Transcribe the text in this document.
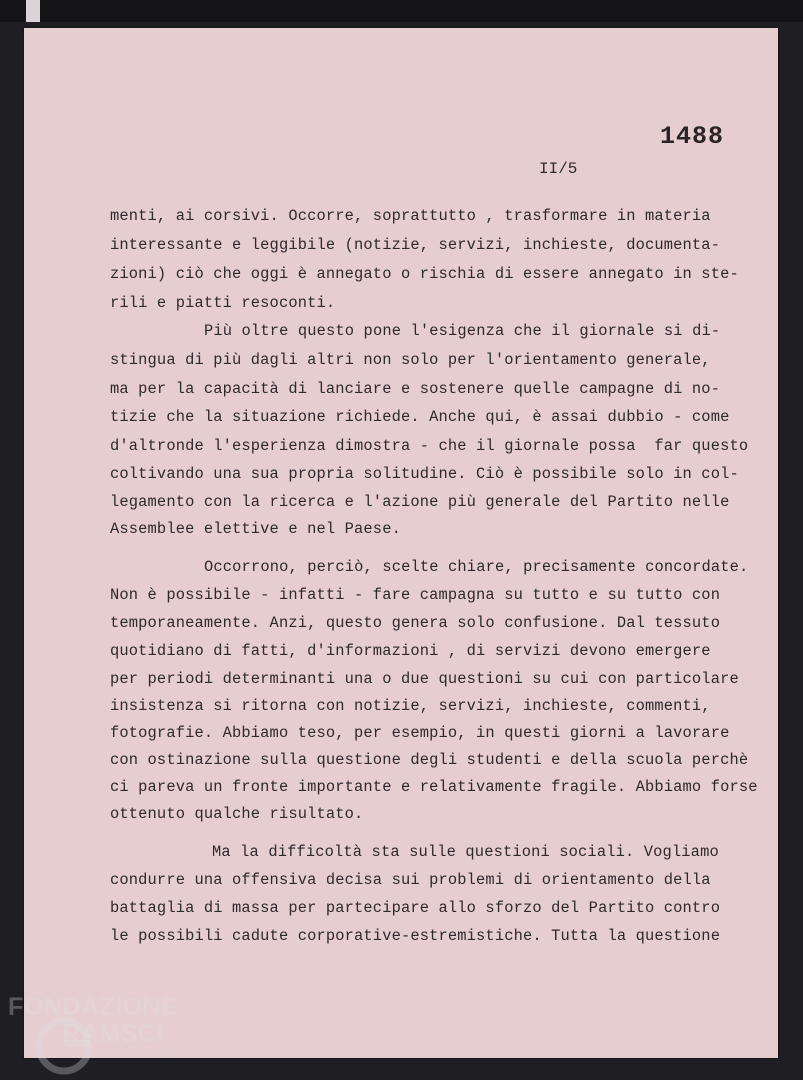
1488
II/5
menti, ai corsivi. Occorre, soprattutto , trasformare in materia
interessante e leggibile (notizie, servizi, inchieste, documenta-
zioni) ciò che oggi è annegato o rischia di essere annegato in ste-
rili e piatti resoconti.
Più oltre questo pone l'esigenza che il giornale si di-
stingua di più dagli altri non solo per l'orientamento generale,
ma per la capacità di lanciare e sostenere quelle campagne di no-
tizie che la situazione richiede. Anche qui, è assai dubbio - come
d'altronde l'esperienza dimostra - che il giornale possa  far questo
coltivando una sua propria solitudine. Ciò è possibile solo in col-
legamento con la ricerca e l'azione più generale del Partito nelle
Assemblee elettive e nel Paese.
Occorrono, perciò, scelte chiare, precisamente concordate.
Non è possibile - infatti - fare campagna su tutto e su tutto con
temporaneamente. Anzi, questo genera solo confusione. Dal tessuto
quotidiano di fatti, d'informazioni , di servizi devono emergere
per periodi determinanti una o due questioni su cui con particolare
insistenza si ritorna con notizie, servizi, inchieste, commenti,
fotografie. Abbiamo teso, per esempio, in questi giorni a lavorare
con ostinazione sulla questione degli studenti e della scuola perchè
ci pareva un fronte importante e relativamente fragile. Abbiamo forse
ottenuto qualche risultato.
Ma la difficoltà sta sulle questioni sociali. Vogliamo
condurre una offensiva decisa sui problemi di orientamento della
battaglia di massa per partecipare allo sforzo del Partito contro
le possibili cadute corporative-estremistiche. Tutta la questione
FONDAZIONE
RAMSCI
onlus
